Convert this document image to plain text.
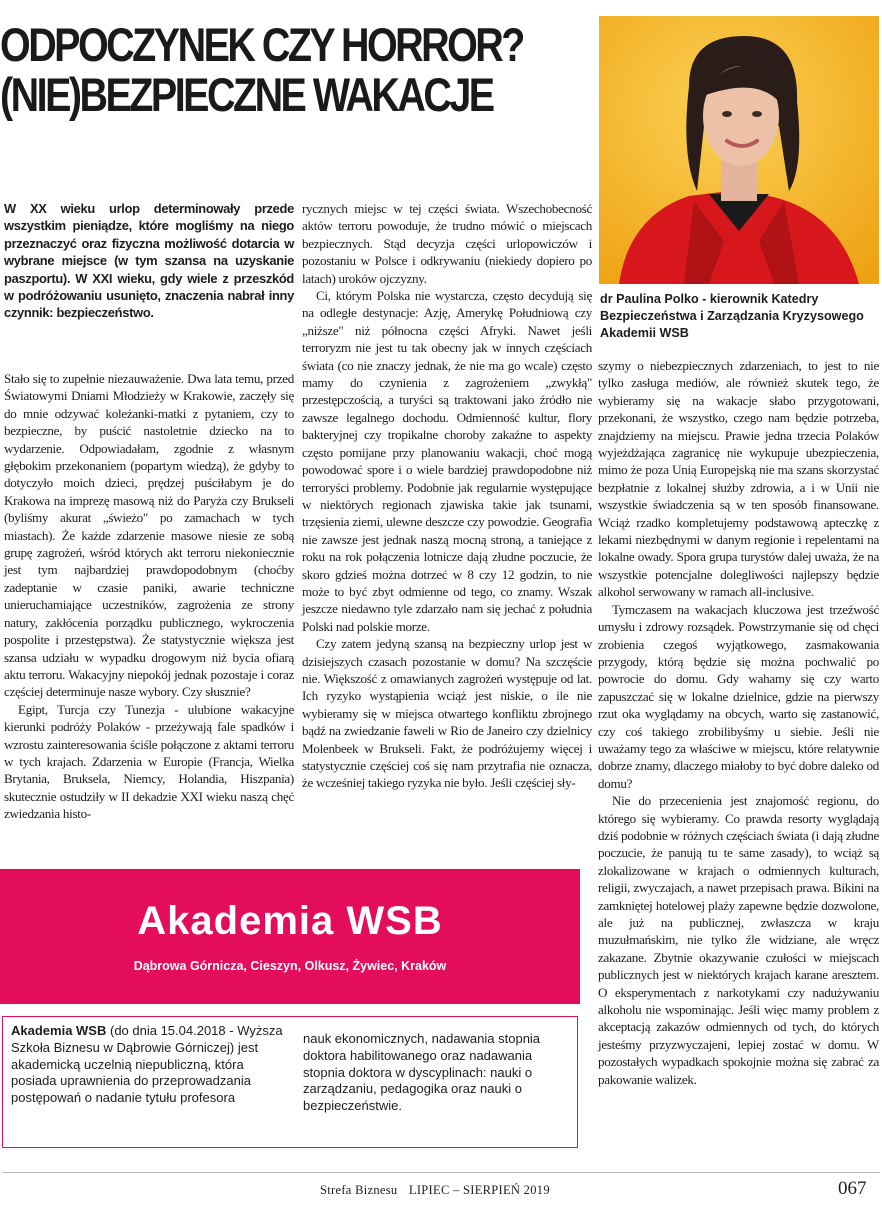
ODPOCZYNEK CZY HORROR?
(NIE)BEZPIECZNE WAKACJE
dr Paulina Polko - kierownik Katedry Bezpieczeństwa i Zarządzania Kryzysowego Akademii WSB
W XX wieku urlop determinowały przede wszystkim pieniądze, które mogliśmy na niego przeznaczyć oraz fizyczna możliwość dotarcia w wybrane miejsce (w tym szansa na uzyskanie paszportu). W XXI wieku, gdy wiele z przeszkód w podróżowaniu usunięto, znaczenia nabrał inny czynnik: bezpieczeństwo.

Stało się to zupełnie niezauważenie. Dwa lata temu, przed Światowymi Dniami Młodzieży w Krakowie, zaczęły się do mnie odzywać koleżanki-matki z pytaniem, czy to bezpieczne, by puścić nastoletnie dziecko na to wydarzenie. Odpowiadałam, zgodnie z własnym głębokim przekonaniem (popartym wiedzą), że gdyby to dotyczyło moich dzieci, prędzej puściłabym je do Krakowa na imprezę masową niż do Paryża czy Brukseli (byliśmy akurat „świeżo" po zamachach w tych miastach). Że każde zdarzenie masowe niesie ze sobą grupę zagrożeń, wśród których akt terroru niekoniecznie jest tym najbardziej prawdopodobnym (choćby zadeptanie w czasie paniki, awarie techniczne unieruchamiające uczestników, zagrożenia ze strony natury, zakłócenia porządku publicznego, wykroczenia pospolite i przestępstwa). Że statystycznie większa jest szansa udziału w wypadku drogowym niż bycia ofiarą aktu terroru. Wakacyjny niepokój jednak pozostaje i coraz częściej determinuje nasze wybory. Czy słusznie?

Egipt, Turcja czy Tunezja - ulubione wakacyjne kierunki podróży Polaków - przeżywają fale spadków i wzrostu zainteresowania ściśle połączone z aktami terroru w tych krajach. Zdarzenia w Europie (Francja, Wielka Brytania, Bruksela, Niemcy, Holandia, Hiszpania) skutecznie ostudziły w II dekadzie XXI wieku naszą chęć zwiedzania histo-

rycznych miejsc w tej części świata. Wszechobecność aktów terroru powoduje, że trudno mówić o miejscach bezpiecznych. Stąd decyzja części urlopowiczów i pozostaniu w Polsce i odkrywaniu (niekiedy dopiero po latach) uroków ojczyzny.

Ci, którym Polska nie wystarcza, często decydują się na odległe destynacje: Azję, Amerykę Południową czy „niższe" niż północna części Afryki. Nawet jeśli terroryzm nie jest tu tak obecny jak w innych częściach świata (co nie znaczy jednak, że nie ma go wcale) często mamy do czynienia z zagrożeniem „zwykłą" przestępczością, a turyści są traktowani jako źródło nie zawsze legalnego dochodu. Odmienność kultur, flory bakteryjnej czy tropikalne choroby zakaźne to aspekty często pomijane przy planowaniu wakacji, choć mogą powodować spore i o wiele bardziej prawdopodobne niż terroryści problemy. Podobnie jak regularnie występujące w niektórych regionach zjawiska takie jak tsunami, trzęsienia ziemi, ulewne deszcze czy powodzie. Geografia nie zawsze jest jednak naszą mocną stroną, a taniejące z roku na rok połączenia lotnicze dają złudne poczucie, że skoro gdzieś można dotrzeć w 8 czy 12 godzin, to nie może to być zbyt odmienne od tego, co znamy. Wszak jeszcze niedawno tyle zdarzało nam się jechać z południa Polski nad polskie morze.

Czy zatem jedyną szansą na bezpieczny urlop jest w dzisiejszych czasach pozostanie w domu? Na szczęście nie. Większość z omawianych zagrożeń występuje od lat. Ich ryzyko wystąpienia wciąż jest niskie, o ile nie wybieramy się w miejsca otwartego konfliktu zbrojnego bądź na zwiedzanie faweli w Rio de Janeiro czy dzielnicy Molenbeek w Brukseli. Fakt, że podróżujemy więcej i statystycznie częściej coś się nam przytrafia nie oznacza, że wcześniej takiego ryzyka nie było. Jeśli częściej sły-

szymy o niebezpiecznych zdarzeniach, to jest to nie tylko zasługa mediów, ale również skutek tego, że wybieramy się na wakacje słabo przygotowani, przekonani, że wszystko, czego nam będzie potrzeba, znajdziemy na miejscu. Prawie jedna trzecia Polaków wyjeżdżająca zagranicę nie wykupuje ubezpieczenia, mimo że poza Unią Europejską nie ma szans skorzystać bezpłatnie z lokalnej służby zdrowia, a i w Unii nie wszystkie świadczenia są w ten sposób finansowane. Wciąż rzadko kompletujemy podstawową apteczkę z lekami niezbędnymi w danym regionie i repelentami na lokalne owady. Spora grupa turystów dalej uważa, że na wszystkie potencjalne dolegliwości najlepszy będzie alkohol serwowany w ramach all-inclusive.

Tymczasem na wakacjach kluczowa jest trzeźwość umysłu i zdrowy rozsądek. Powstrzymanie się od chęci zrobienia czegoś wyjątkowego, zasmakowania przygody, którą będzie się można pochwalić po powrocie do domu. Gdy wahamy się czy warto zapuszczać się w lokalne dzielnice, gdzie na pierwszy rzut oka wyglądamy na obcych, warto się zastanowić, czy coś takiego zrobilibyśmy u siebie. Jeśli nie uważamy tego za właściwe w miejscu, które relatywnie dobrze znamy, dlaczego miałoby to być dobre daleko od domu?

Nie do przecenienia jest znajomość regionu, do którego się wybieramy. Co prawda resorty wyglądają dziś podobnie w różnych częściach świata (i dają złudne poczucie, że panują tu te same zasady), to wciąż są zlokalizowane w krajach o odmiennych kulturach, religii, zwyczajach, a nawet przepisach prawa. Bikini na zamkniętej hotelowej plaży zapewne będzie dozwolone, ale już na publicznej, zwłaszcza w kraju muzułmańskim, nie tylko źle widziane, ale wręcz zakazane. Zbytnie okazywanie czułości w miejscach publicznych jest w niektórych krajach karane aresztem. O eksperymentach z narkotykami czy nadużywaniu alkoholu nie wspominając. Jeśli więc mamy problem z akceptacją zakazów odmiennych od tych, do których jesteśmy przyzwyczajeni, lepiej zostać w domu. W pozostałych wypadkach spokojnie można się zabrać za pakowanie walizek.

Akademia WSB
Dąbrowa Górnicza, Cieszyn, Olkusz, Żywiec, Kraków
Akademia WSB (do dnia 15.04.2018 - Wyższa Szkoła Biznesu w Dąbrowie Górniczej) jest akademicką uczelnią niepubliczną, która posiada uprawnienia do przeprowadzania postępowań o nadanie tytułu profesora
nauk ekonomicznych, nadawania stopnia doktora habilitowanego oraz nadawania stopnia doktora w dyscyplinach: nauki o zarządzaniu, pedagogika oraz nauki o bezpieczeństwie.
Strefa Biznesu LIPIEC – SIERPIEŃ 2019	067
